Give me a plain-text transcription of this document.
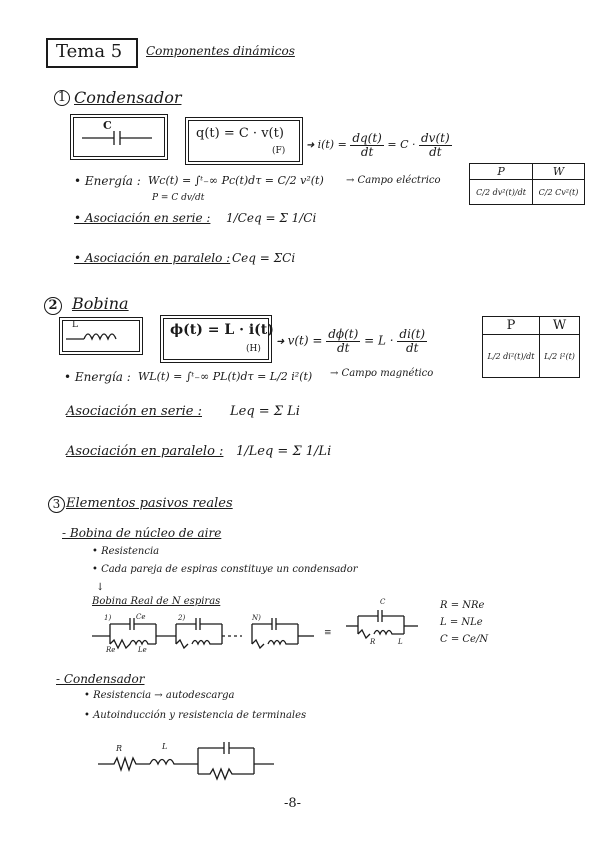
Tema 5 Componentes dinámicos
1 Condensador
C
q(t) = C · v(t)
(F) ➜ $i(t) = \frac{dq(t)}{dt} = C \cdot \frac{dv(t)}{dt}$
• Energía : Wc(t) = ∫ᵗ₋∞ Pc(t)dτ = C/2 v²(t) → Campo eléctrico
P = C dv/dt
P	W
C/2 dv²(t)/dt	C/2 Cv²(t)
• Asociación en serie : 1/Ceq = Σ 1/Ci
• Asociación en paralelo : Ceq = ΣCi
2 Bobina
L	ϕ(t) = L · i(t)
(H)
➜ $v(t) = \frac{d\phi(t)}{dt} = L \cdot \frac{di(t)}{dt}$
P	W
L/2 di²(t)/dt	L/2 i²(t)
• Energía : WL(t) = ∫ᵗ₋∞ PL(t)dτ = L/2 i²(t) → Campo magnético
Asociación en serie : Leq = Σ Li
Asociación en paralelo : 1/Leq = Σ 1/Li
3 Elementos pasivos reales
- Bobina de núcleo de aire
• Resistencia
• Cada pareja de espiras constituye un condensador
↓
Bobina Real de N espiras
1)	2)	N)
Ce
Re	Le
≡
C
R	L
R = NRe
L = NLe
C = Ce/N
- Condensador
• Resistencia → autodescarga
• Autoinducción y resistencia de terminales
R	L
-8-
